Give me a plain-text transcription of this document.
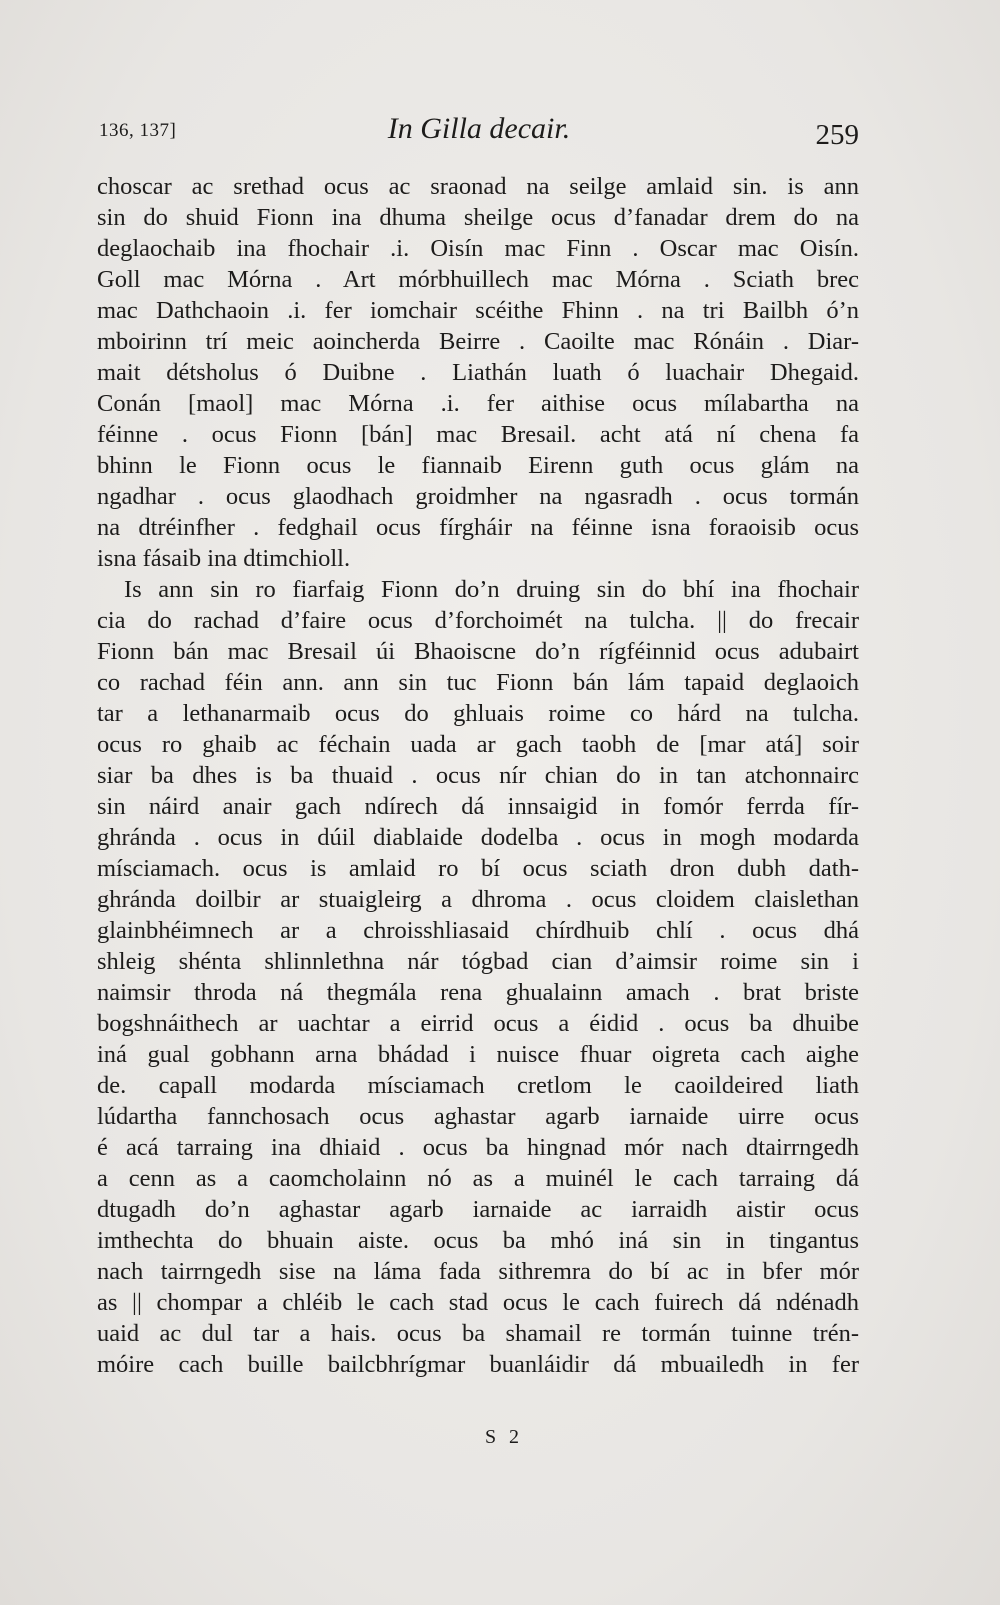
136, 137]	In Gilla decair.	259
choscar ac srethad ocus ac sraonad na seilge amlaid sin. is ann
sin do shuid Fionn ina dhuma sheilge ocus d’fanadar drem do na
deglaochaib ina fhochair .i. Oisín mac Finn . Oscar mac Oisín.
Goll mac Mórna . Art mórbhuillech mac Mórna . Sciath brec
mac Dathchaoin .i. fer iomchair scéithe Fhinn . na tri Bailbh ó’n
mboirinn trí meic aoincherda Beirre . Caoilte mac Rónáin . Diar-
mait détsholus ó Duibne . Liathán luath ó luachair Dhegaid.
Conán [maol] mac Mórna .i. fer aithise ocus mílabartha na
féinne . ocus Fionn [bán] mac Bresail. acht atá ní chena fa
bhinn le Fionn ocus le fiannaib Eirenn guth ocus glám na
ngadhar . ocus glaodhach groidmher na ngasradh . ocus tormán
na dtréinfher . fedghail ocus fírgháir na féinne isna foraoisib ocus
isna fásaib ina dtimchioll.
Is ann sin ro fiarfaig Fionn do’n druing sin do bhí ina fhochair
cia do rachad d’faire ocus d’forchoimét na tulcha. || do frecair
Fionn bán mac Bresail úi Bhaoiscne do’n rígféinnid ocus adubairt
co rachad féin ann. ann sin tuc Fionn bán lám tapaid deglaoich
tar a lethanarmaib ocus do ghluais roime co hárd na tulcha.
ocus ro ghaib ac féchain uada ar gach taobh de [mar atá] soir
siar ba dhes is ba thuaid . ocus nír chian do in tan atchonnairc
sin náird anair gach ndírech dá innsaigid in fomór ferrda fír-
ghránda . ocus in dúil diablaide dodelba . ocus in mogh modarda
mísciamach. ocus is amlaid ro bí ocus sciath dron dubh dath-
ghránda doilbir ar stuaigleirg a dhroma . ocus cloidem claislethan
glainbhéimnech ar a chroisshliasaid chírdhuib chlí . ocus dhá
shleig shénta shlinnlethna nár tógbad cian d’aimsir roime sin i
naimsir throda ná thegmála rena ghualainn amach . brat briste
bogshnáithech ar uachtar a eirrid ocus a éidid . ocus ba dhuibe
iná gual gobhann arna bhádad i nuisce fhuar oigreta cach aighe
de. capall modarda mísciamach cretlom le caoildeired liath
lúdartha fannchosach ocus aghastar agarb iarnaide uirre ocus
é acá tarraing ina dhiaid . ocus ba hingnad mór nach dtairrngedh
a cenn as a caomcholainn nó as a muinél le cach tarraing dá
dtugadh do’n aghastar agarb iarnaide ac iarraidh aistir ocus
imthechta do bhuain aiste. ocus ba mhó iná sin in tingantus
nach tairrngedh sise na láma fada sithremra do bí ac in bfer mór
as || chompar a chléib le cach stad ocus le cach fuirech dá ndénadh
uaid ac dul tar a hais. ocus ba shamail re tormán tuinne trén-
móire cach buille bailcbhrígmar buanláidir dá mbuailedh in fer
S 2
